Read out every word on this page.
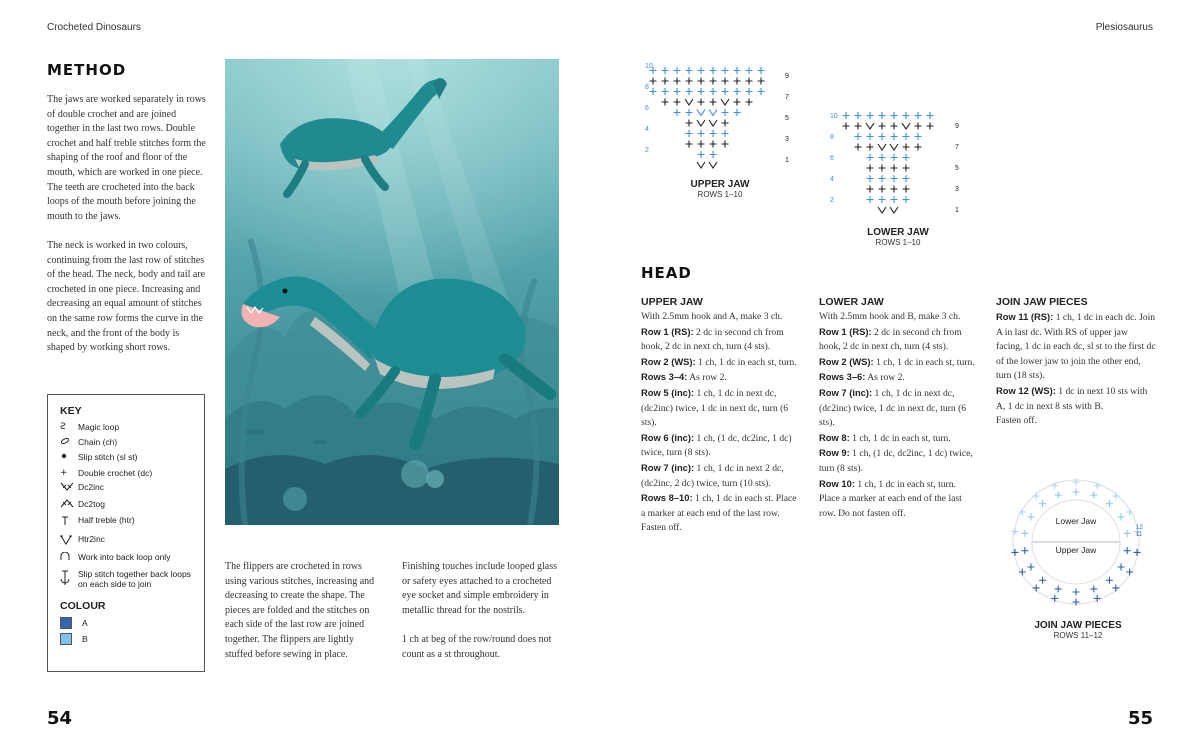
Crocheted Dinosaurs	Plesiosaurus
METHOD
The jaws are worked separately in rows of double crochet and are joined together in the last two rows. Double crochet and half treble stitches form the shaping of the roof and floor of the mouth, which are worked in one piece. The teeth are crocheted into the back loops of the mouth before joining the mouth to the jaws.
The neck is worked in two colours, continuing from the last row of stitches of the head. The neck, body and tail are crocheted in one piece. Increasing and decreasing an equal amount of stitches on the same row forms the curve in the neck, and the front of the body is shaped by working short rows.
KEY
Ƨ	Magic loop
Chain (ch)
Slip stitch (sl st)
+	Double crochet (dc)
Dc2inc
Dc2tog
Half treble (htr)
Htr2inc
Work into back loop only
Slip stitch together back loops on each side to join
COLOUR
A
B
The flippers are crocheted in rows using various stitches, increasing and decreasing to create the shape. The pieces are folded and the stitches on each side of the last row are joined together. The flippers are lightly stuffed before sewing in place.
Finishing touches include looped glass or safety eyes attached to a crocheted eye socket and simple embroidery in metallic thread for the nostrils.
1 ch at beg of the row/round does not count as a st throughout.
10
8
6
4
2
9
7
5
3
1
UPPER JAW
ROWS 1–10
10
8
6
4
2
9
7
5
3
1
LOWER JAW
ROWS 1–10
HEAD
UPPER JAW
With 2.5mm hook and A, make 3 ch.
Row 1 (RS): 2 dc in second ch from hook, 2 dc in next ch, turn (4 sts).
Row 2 (WS): 1 ch, 1 dc in each st, turn.
Rows 3–4: As row 2.
Row 5 (inc): 1 ch, 1 dc in next dc, (dc2inc) twice, 1 dc in next dc, turn (6 sts).
Row 6 (inc): 1 ch, (1 dc, dc2inc, 1 dc) twice, turn (8 sts).
Row 7 (inc): 1 ch, 1 dc in next 2 dc, (dc2inc, 2 dc) twice, turn (10 sts).
Rows 8–10: 1 ch, 1 dc in each st. Place a marker at each end of the last row.
Fasten off.
LOWER JAW
With 2.5mm hook and B, make 3 ch.
Row 1 (RS): 2 dc in second ch from hook, 2 dc in next ch, turn (4 sts).
Row 2 (WS): 1 ch, 1 dc in each st, turn.
Rows 3–6: As row 2.
Row 7 (inc): 1 ch, 1 dc in next dc, (dc2inc) twice, 1 dc in next dc, turn (6 sts).
Row 8: 1 ch, 1 dc in each st, turn.
Row 9: 1 ch, (1 dc, dc2inc, 1 dc) twice, turn (8 sts).
Row 10: 1 ch, 1 dc in each st, turn. Place a marker at each end of the last row. Do not fasten off.
JOIN JAW PIECES
Row 11 (RS): 1 ch, 1 dc in each dc. Join A in last dc. With RS of upper jaw facing, 1 dc in each dc, sl st to the first dc of the lower jaw to join the other end, turn (18 sts).
Row 12 (WS): 1 dc in next 10 sts with A, 1 dc in next 8 sts with B.
Fasten off.
Lower Jaw
Upper Jaw
12
11
JOIN JAW PIECES
ROWS 11–12
54	55
